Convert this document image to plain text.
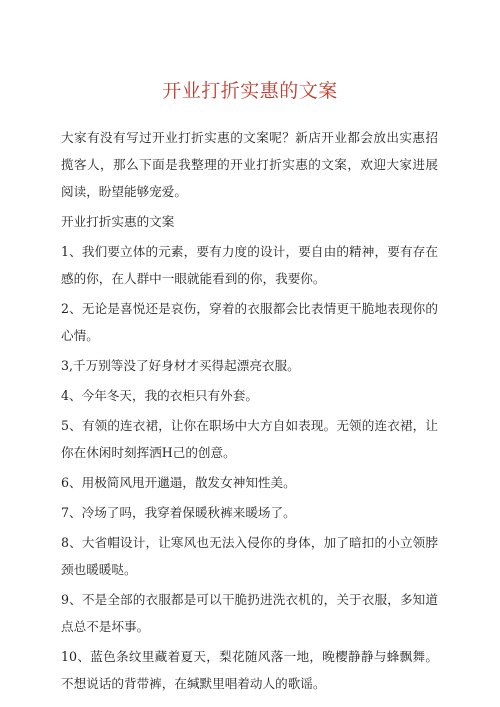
开业打折实惠的文案

大家有没有写过开业打折实惠的文案呢？新店开业都会放出实惠招揽客人，那么下面是我整理的开业打折实惠的文案，欢迎大家进展阅读，盼望能够宠爱。

开业打折实惠的文案

1、我们要立体的元素，要有力度的设计，要自由的精神，要有存在感的你，在人群中一眼就能看到的你，我要你。

2、无论是喜悦还是哀伤，穿着的衣服都会比表情更干脆地表现你的心情。

3,千万别等没了好身材才买得起漂亮衣服。

4、今年冬天，我的衣柜只有外套。

5、有领的连衣裙，让你在职场中大方自如表现。无领的连衣裙，让你在休闲时刻挥洒H己的创意。

6、用极简风甩开邋遢，散发女神知性美。

7、冷场了吗，我穿着保暖秋裤来暖场了。

8、大省帽设计，让寒风也无法入侵你的身体，加了暗扣的小立领脖颈也暖暖哒。

9、不是全部的衣服都是可以干脆扔进洗衣机的，关于衣服，多知道点总不是坏事。

10、蓝色条纹里藏着夏天，梨花随风落一地，晚樱静静与蜂飘舞。不想说话的背带裤，在缄默里唱着动人的歌谣。
